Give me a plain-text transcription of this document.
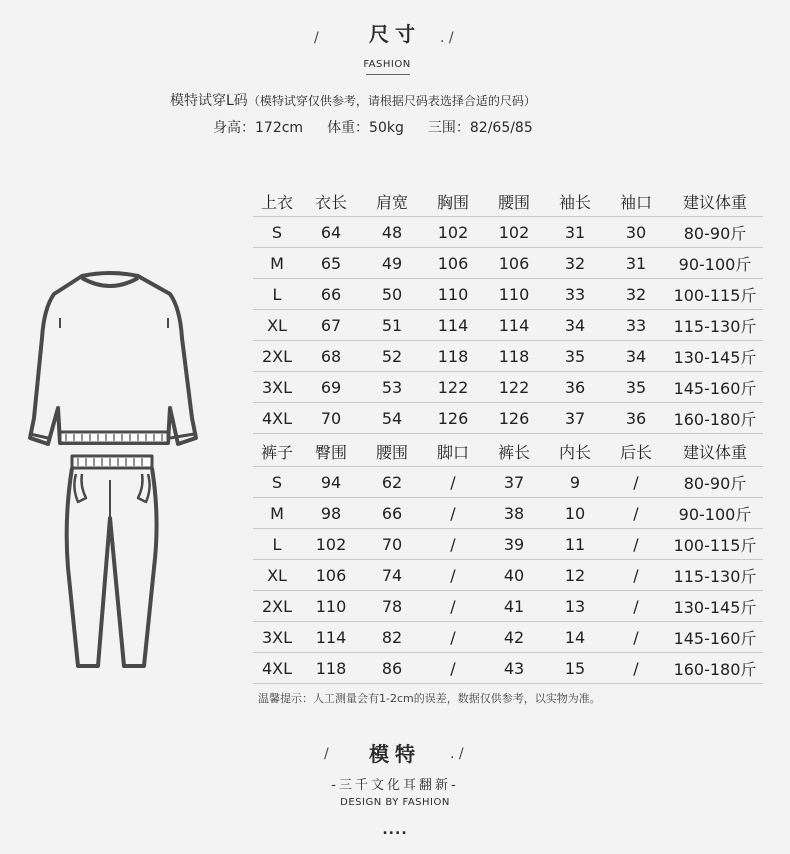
/	尺寸	. /
FASHION
模特试穿L码（模特试穿仅供参考，请根据尺码表选择合适的尺码）
身高：172cm 体重：50kg 三围：82/65/85
上衣	衣长	肩宽	胸围	腰围	袖长	袖口	建议体重
S	64	48	102	102	31	30	80-90斤
M	65	49	106	106	32	31	90-100斤
L	66	50	110	110	33	32	100-115斤
XL	67	51	114	114	34	33	115-130斤
2XL	68	52	118	118	35	34	130-145斤
3XL	69	53	122	122	36	35	145-160斤
4XL	70	54	126	126	37	36	160-180斤
裤子	臀围	腰围	脚口	裤长	内长	后长	建议体重
S	94	62	/	37	9	/	80-90斤
M	98	66	/	38	10	/	90-100斤
L	102	70	/	39	11	/	100-115斤
XL	106	74	/	40	12	/	115-130斤
2XL	110	78	/	41	13	/	130-145斤
3XL	114	82	/	42	14	/	145-160斤
4XL	118	86	/	43	15	/	160-180斤
温馨提示：人工测量会有1-2cm的误差，数据仅供参考，以实物为准。
/	模特	. /
-三千文化耳翻新-
DESIGN BY FASHION
....
